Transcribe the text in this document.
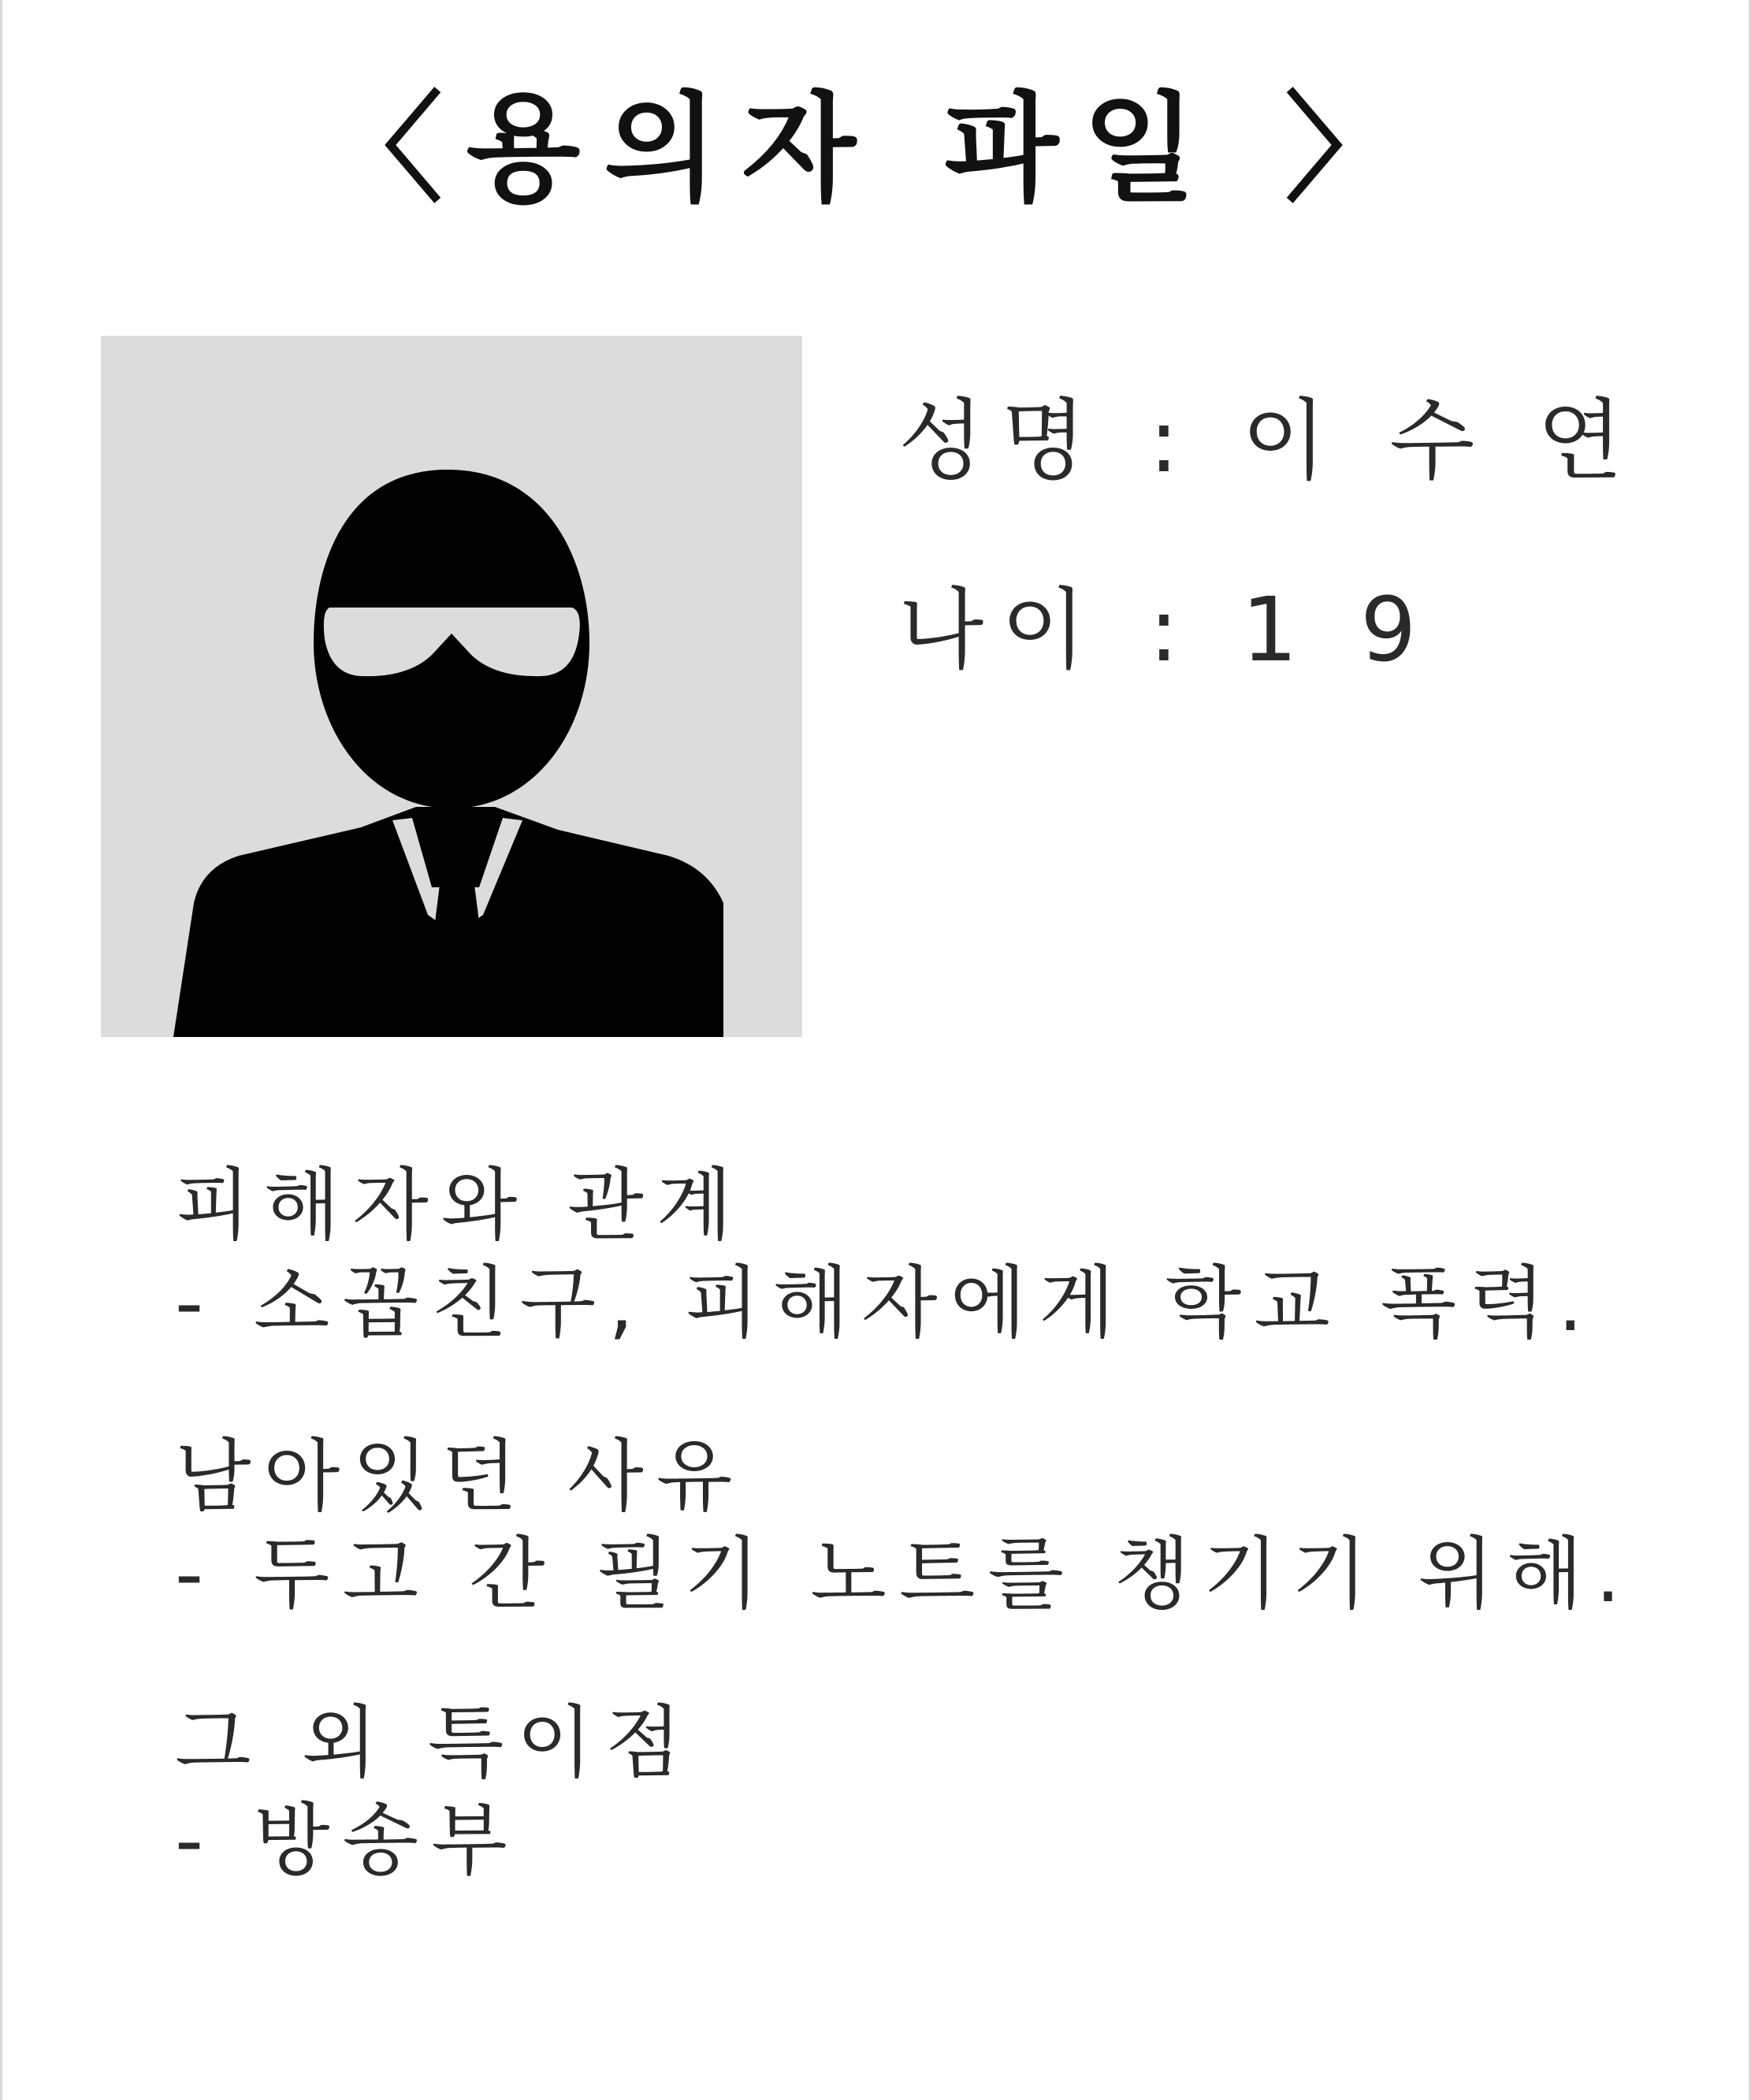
〈용의자 파일 〉
성명 : 이 수 연
나이 : 1 9
피해자와 관계
- 소꼽친구, 피해자에게 학교 폭력.
남아있던 사유
- 두고 간 필기 노트를 챙기기 위해.
그 외 특이점
- 방송부
